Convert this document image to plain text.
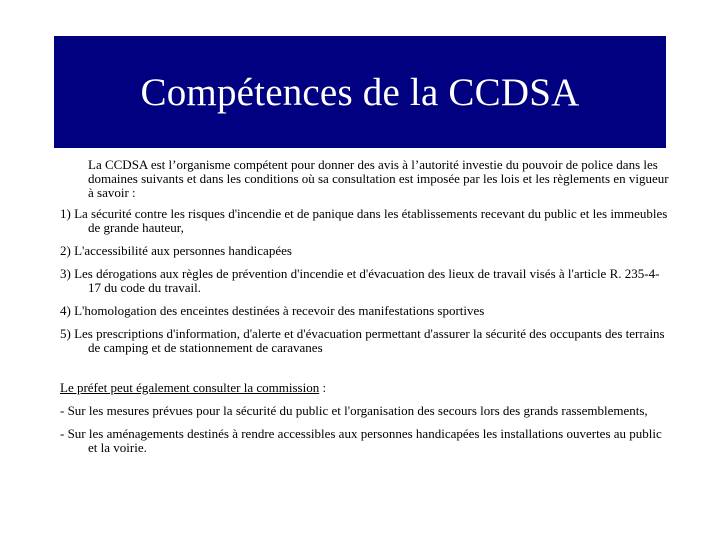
Compétences de la CCDSA

La CCDSA est l’organisme compétent pour donner des avis à l’autorité investie du pouvoir de police dans les domaines suivants et dans les conditions où sa consultation est imposée par les lois et les règlements en vigueur à savoir :

1) La sécurité contre les risques d'incendie et de panique dans les établissements recevant du public et les immeubles de grande hauteur,

2) L'accessibilité aux personnes handicapées

3) Les dérogations aux règles de prévention d'incendie et d'évacuation des lieux de travail visés à l'article R. 235-4-17 du code du travail.

4) L'homologation des enceintes destinées à recevoir des manifestations sportives

5) Les prescriptions d'information, d'alerte et d'évacuation permettant d'assurer la sécurité des occupants des terrains de camping et de stationnement de caravanes

Le préfet peut également consulter la commission :

- Sur les mesures prévues pour la sécurité du public et l'organisation des secours lors des grands rassemblements,

- Sur les aménagements destinés à rendre accessibles aux personnes handicapées les installations ouvertes au public et la voirie.
